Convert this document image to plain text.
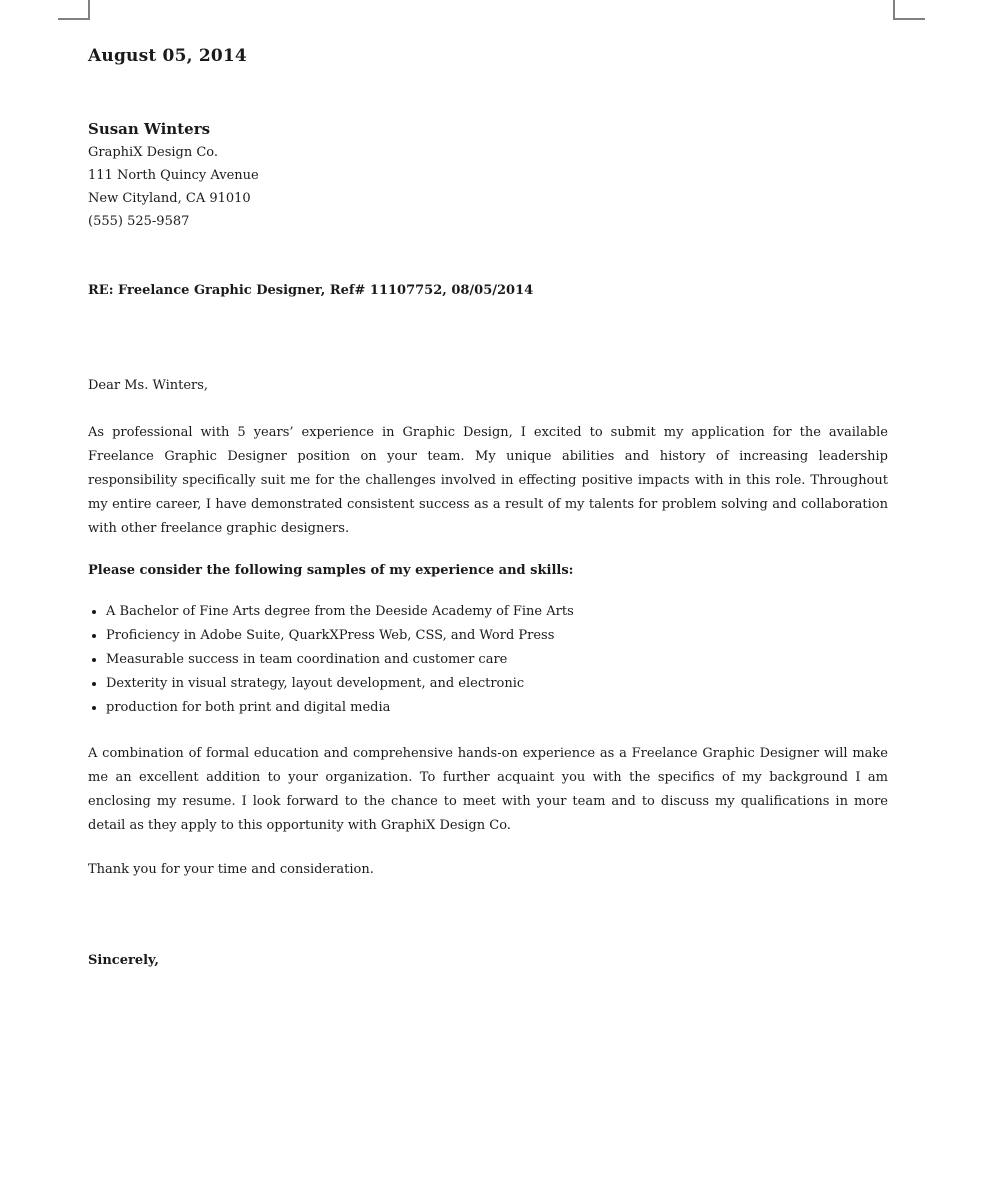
August 05, 2014
Susan Winters
GraphiX Design Co.
111 North Quincy Avenue
New Cityland, CA 91010
(555) 525-9587
RE: Freelance Graphic Designer, Ref# 11107752, 08/05/2014
Dear Ms. Winters,
As professional with 5 years’ experience in Graphic Design, I excited to submit my application for the available Freelance Graphic Designer position on your team. My unique abilities and history of increasing leadership responsibility specifically suit me for the challenges involved in effecting positive impacts with in this role. Throughout my entire career, I have demonstrated consistent success as a result of my talents for problem solving and collaboration with other freelance graphic designers.
Please consider the following samples of my experience and skills:
• A Bachelor of Fine Arts degree from the Deeside Academy of Fine Arts
• Proficiency in Adobe Suite, QuarkXPress Web, CSS, and Word Press
• Measurable success in team coordination and customer care
• Dexterity in visual strategy, layout development, and electronic
• production for both print and digital media
A combination of formal education and comprehensive hands-on experience as a Freelance Graphic Designer will make me an excellent addition to your organization. To further acquaint you with the specifics of my background I am enclosing my resume. I look forward to the chance to meet with your team and to discuss my qualifications in more detail as they apply to this opportunity with GraphiX Design Co.
Thank you for your time and consideration.
Sincerely,
